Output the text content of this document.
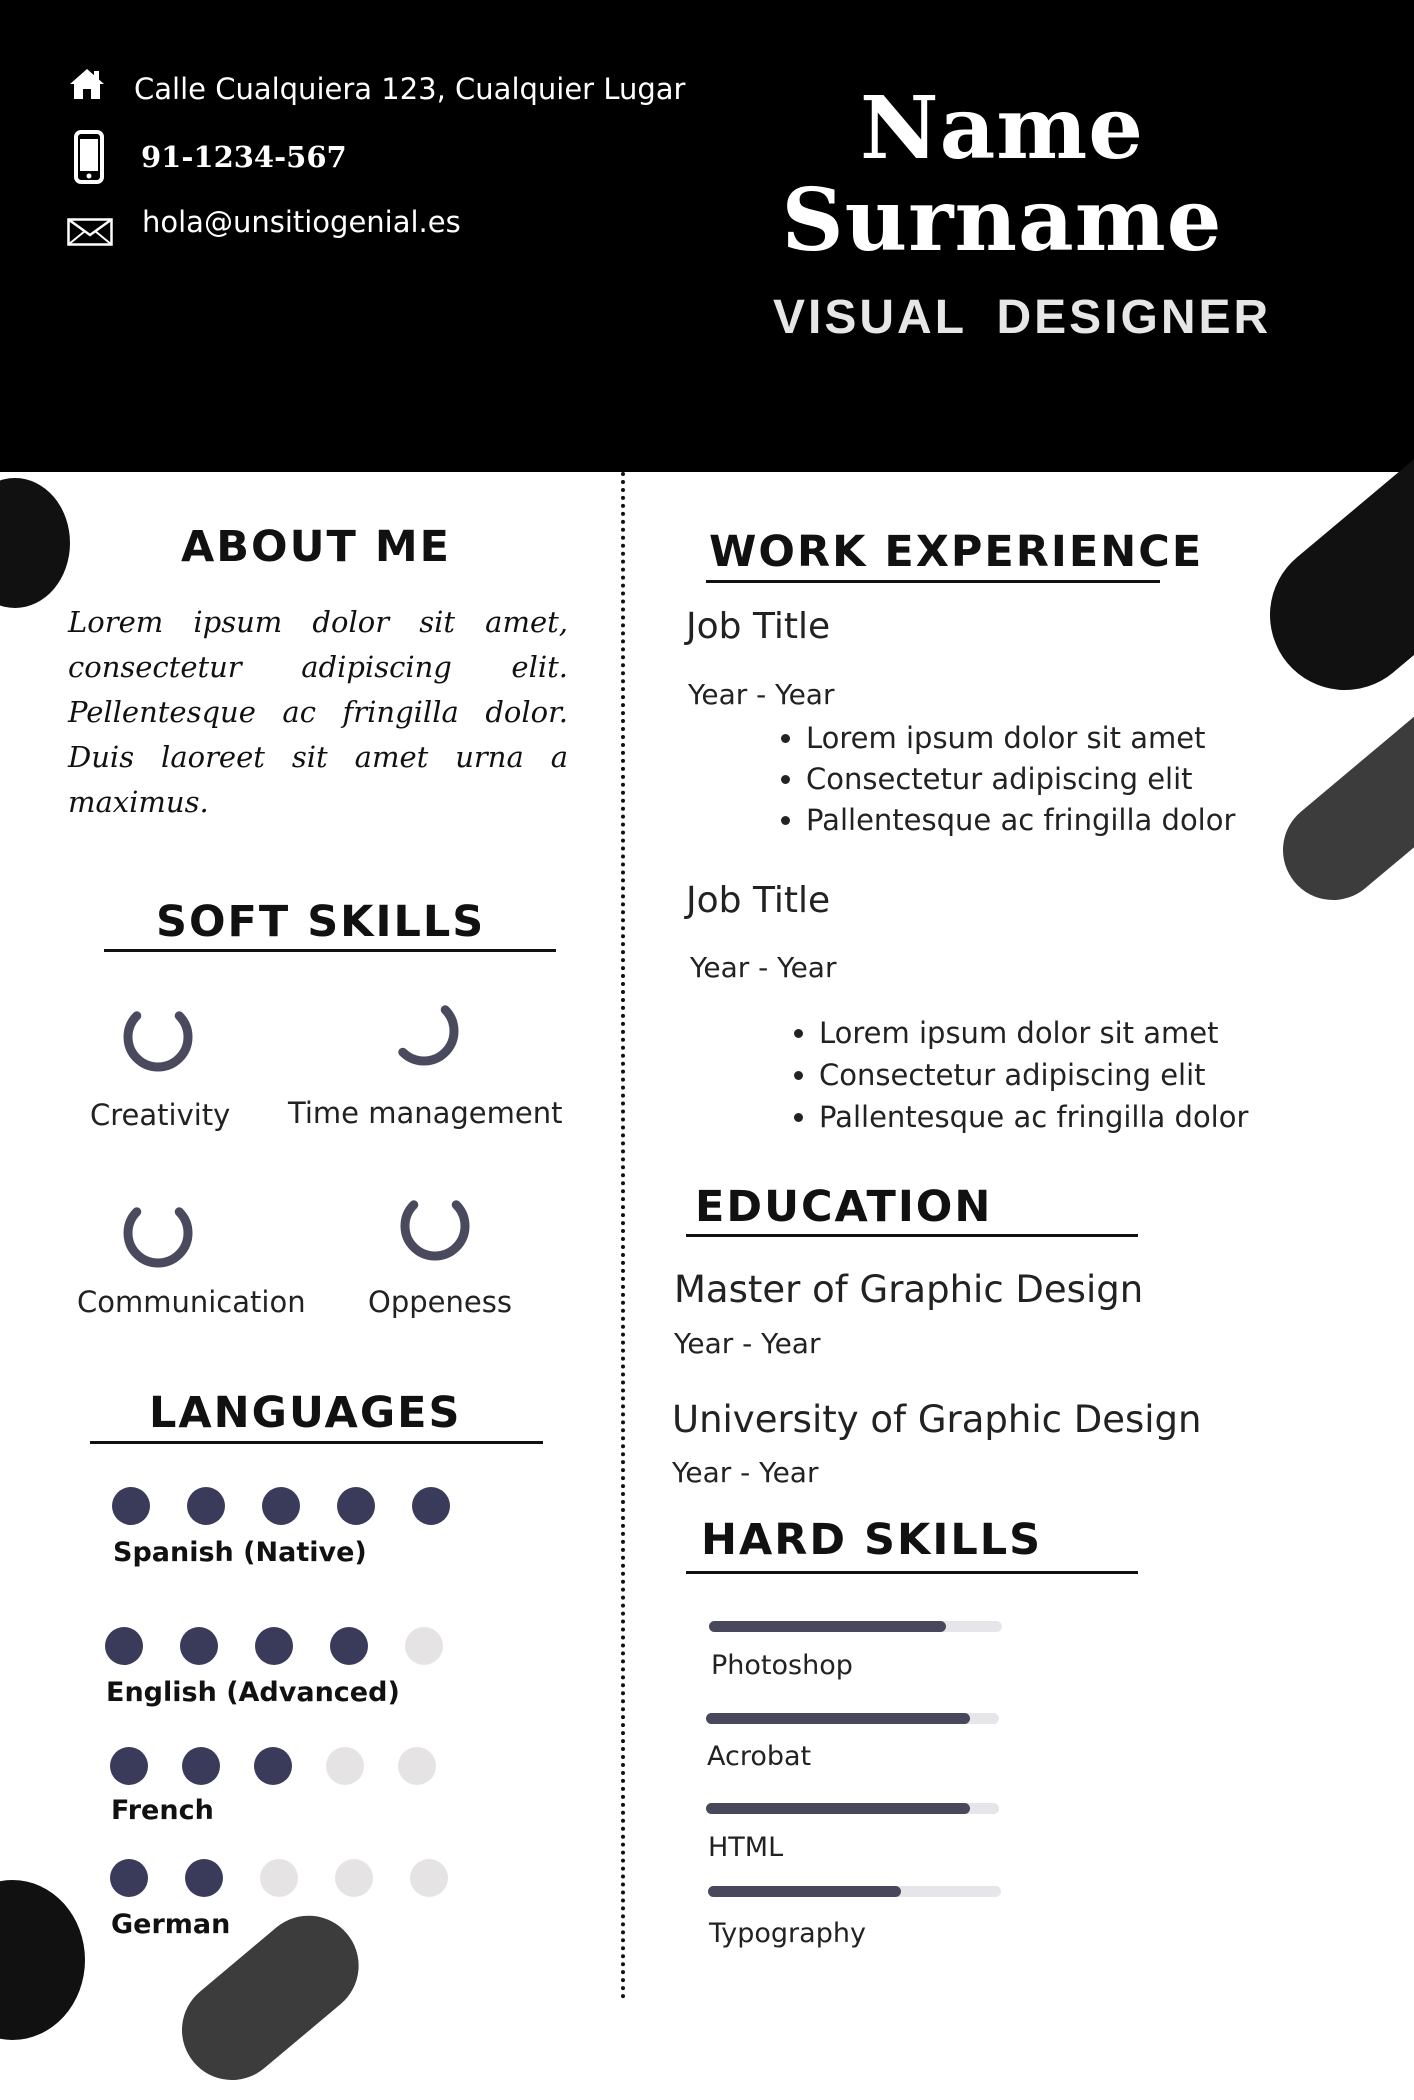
Calle Cualquiera 123, Cualquier Lugar
91-1234-567
hola@unsitiogenial.es
Name
Surname
VISUAL DESIGNER
ABOUT ME
Lorem ipsum dolor sit amet, consectetur adipiscing elit. Pellentesque ac fringilla dolor. Duis laoreet sit amet urna a maximus.
SOFT SKILLS
Creativity Time management
Communication Oppeness
LANGUAGES
Spanish (Native)
English (Advanced)
French
German
WORK EXPERIENCE
Job Title
Year - Year
• Lorem ipsum dolor sit amet
• Consectetur adipiscing elit
• Pallentesque ac fringilla dolor
Job Title
Year - Year
• Lorem ipsum dolor sit amet
• Consectetur adipiscing elit
• Pallentesque ac fringilla dolor
EDUCATION
Master of Graphic Design
Year - Year
University of Graphic Design
Year - Year
HARD SKILLS
Photoshop
Acrobat
HTML
Typography
